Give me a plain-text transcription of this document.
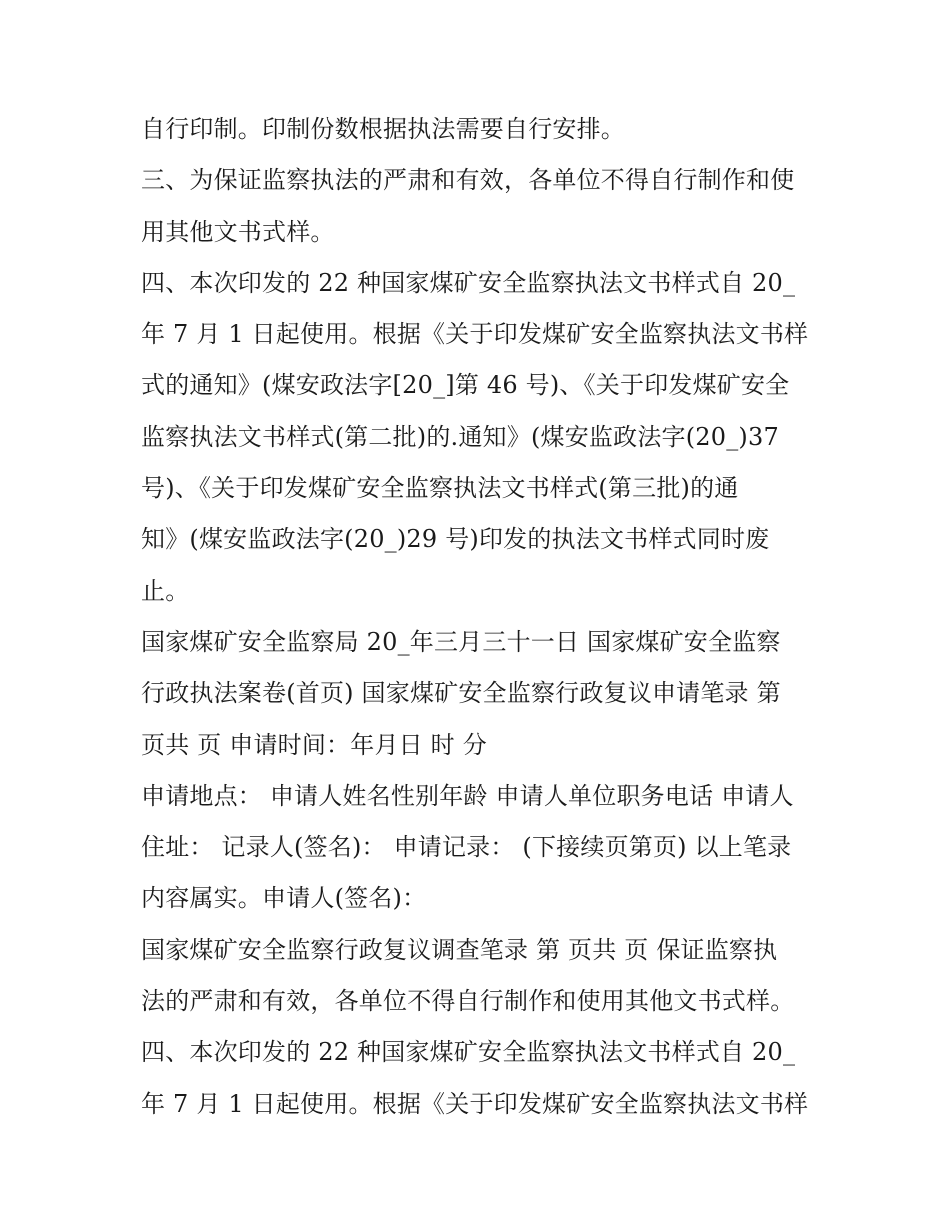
自行印制。印制份数根据执法需要自行安排。
三、为保证监察执法的严肃和有效，各单位不得自行制作和使
用其他文书式样。
四、本次印发的 22 种国家煤矿安全监察执法文书样式自 20_
年 7 月 1 日起使用。根据《关于印发煤矿安全监察执法文书样
式的通知》(煤安政法字[20_]第 46 号)、《关于印发煤矿安全
监察执法文书样式(第二批)的.通知》(煤安监政法字(20_)37
号)、《关于印发煤矿安全监察执法文书样式(第三批)的通
知》(煤安监政法字(20_)29 号)印发的执法文书样式同时废
止。
国家煤矿安全监察局 20_年三月三十一日 国家煤矿安全监察
行政执法案卷(首页) 国家煤矿安全监察行政复议申请笔录 第
页共 页 申请时间：年月日 时 分
申请地点： 申请人姓名性别年龄 申请人单位职务电话 申请人
住址： 记录人(签名)： 申请记录： (下接续页第页) 以上笔录
内容属实。申请人(签名)：
国家煤矿安全监察行政复议调查笔录 第 页共 页 保证监察执
法的严肃和有效，各单位不得自行制作和使用其他文书式样。
四、本次印发的 22 种国家煤矿安全监察执法文书样式自 20_
年 7 月 1 日起使用。根据《关于印发煤矿安全监察执法文书样
